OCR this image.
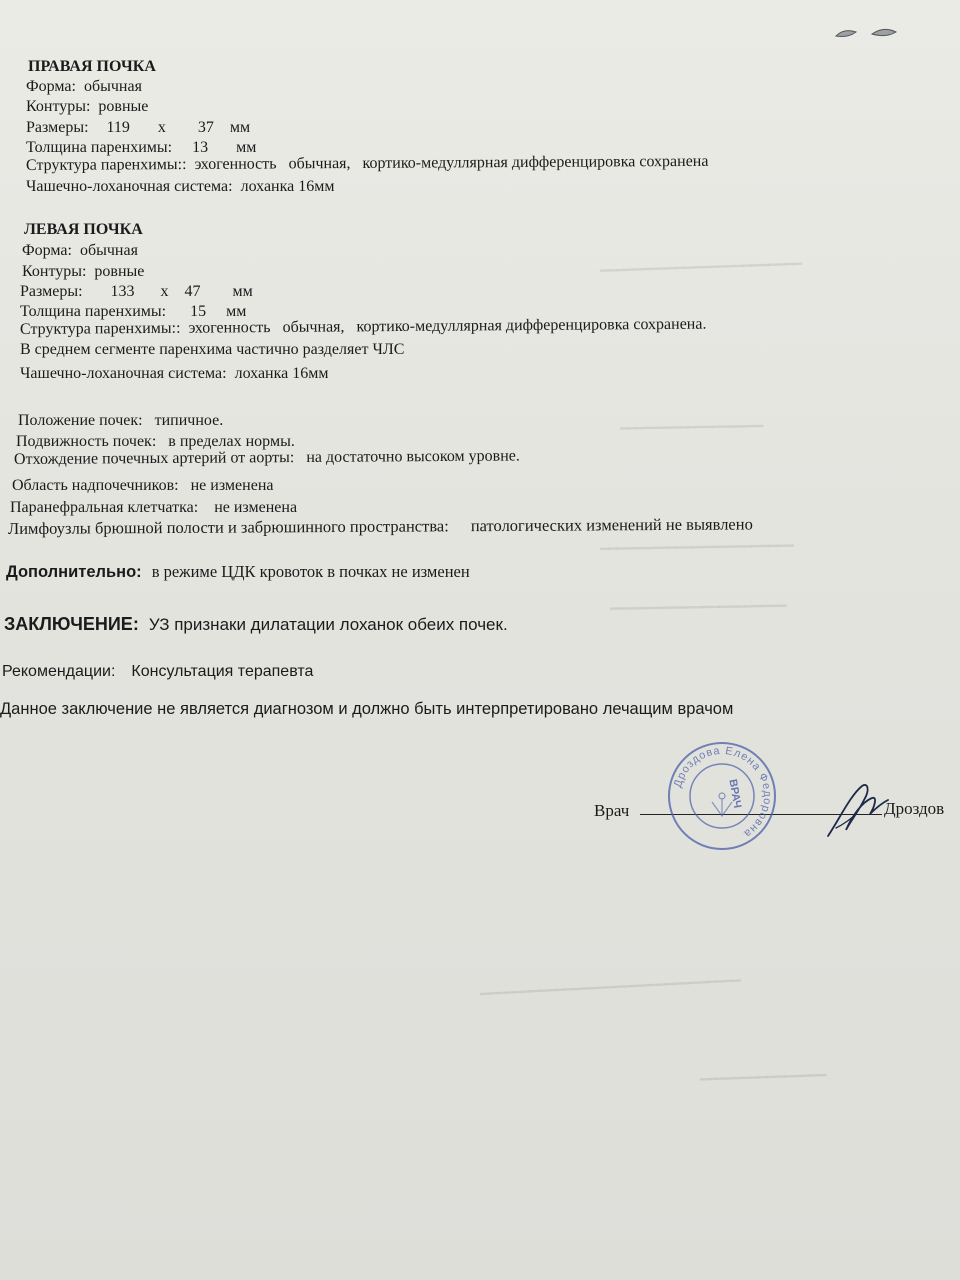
━━━━━━━━━━━━━━━━━━━━━━━━
━━━━━━━━━━━━━━━━━
━━━━━━━━━━━━━━━━━━━━━━━
━━━━━━━━━━━━━━━━━━━━━
━━━━━━━━━━━━━━━━━━━━━━━━━━━━━━━
━━━━━━━━━━━━━━━
ПРАВАЯ ПОЧКА
Форма: обычная
Контуры: ровные
Размеры: 119 х 37 мм
Толщина паренхимы: 13 мм
Структура паренхимы:: эхогенность   обычная,   кортико-медуллярная дифференцировка сохранена
Чашечно-лоханочная система: лоханка 16мм
ЛЕВАЯ ПОЧКА
Форма: обычная
Контуры: ровные
Размеры: 133 х 47 мм
Толщина паренхимы: 15 мм
Структура паренхимы:: эхогенность   обычная,   кортико-медуллярная дифференцировка сохранена.
В среднем сегменте паренхима частично разделяет ЧЛС
Чашечно-лоханочная система: лоханка 16мм
Положение почек: типичное.
Подвижность почек: в пределах нормы.
Отхождение почечных артерий от аорты: на достаточно высоком уровне.
Область надпочечников: не изменена
Паранефральная клетчатка: не изменена
Лимфоузлы брюшной полости и забрюшинного пространства: патологических изменений не выявлено
Дополнительно: в режиме ЦДК кровоток в почках не изменен
ЗАКЛЮЧЕНИЕ: УЗ признаки дилатации лоханок обеих почек.
Рекомендации: Консультация терапевта
Данное заключение не является диагнозом и должно быть интерпретировано лечащим врачом
Врач	Дроздов
Дроздова Елена Федоровна
ВРАЧ
